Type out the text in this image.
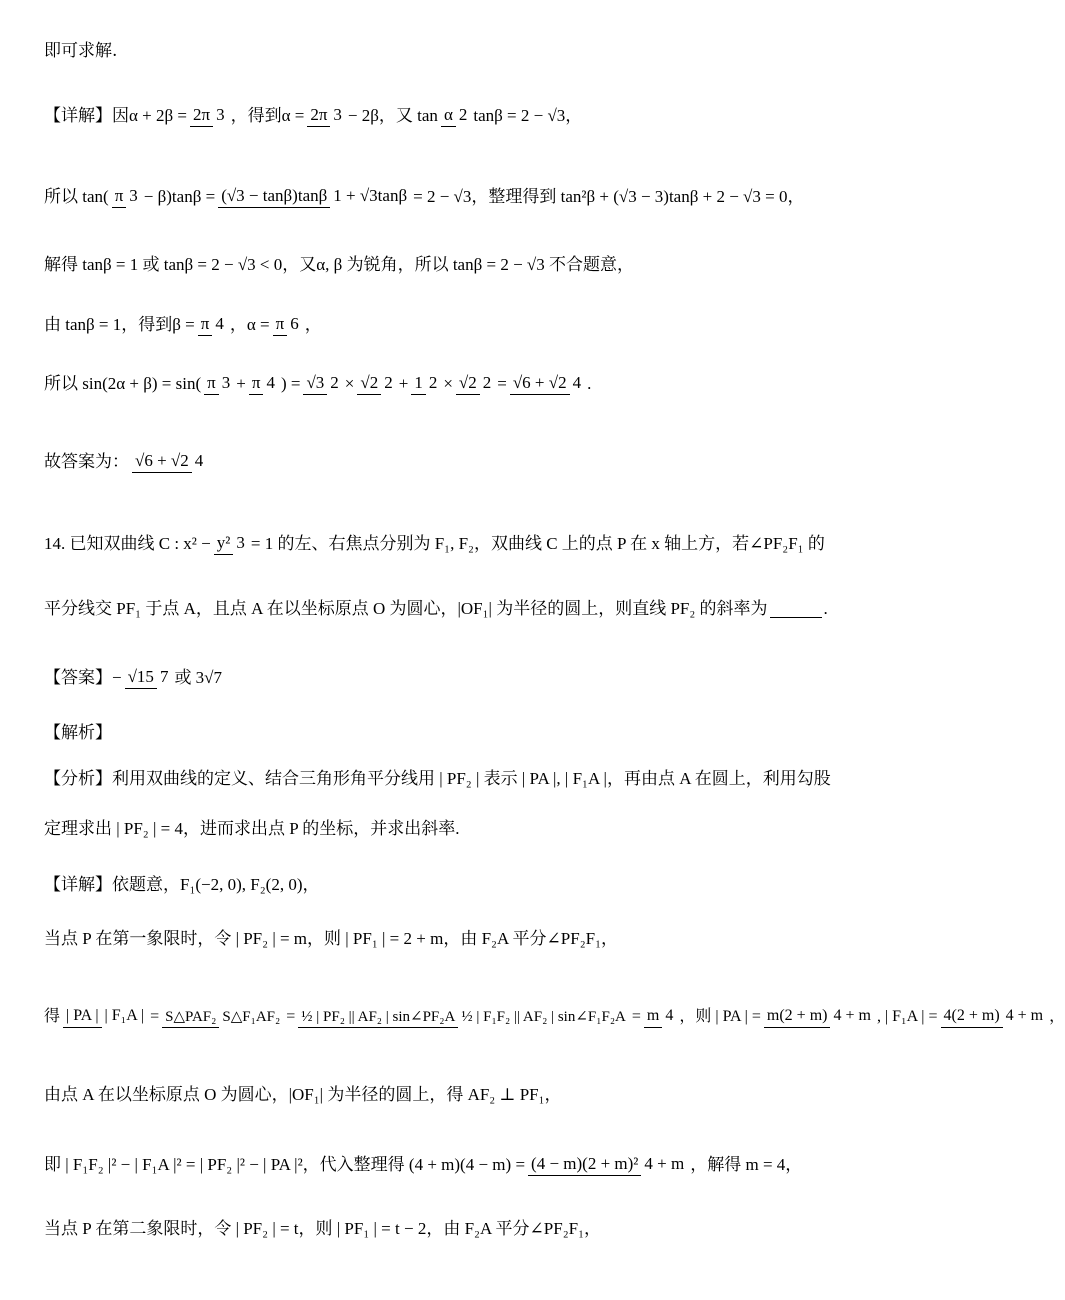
即可求解.
【详解】 因α + 2β = 2π 3 ，得到α = 2π 3 − 2β，又 tan α 2 tanβ = 2 − √3，
所以 tan( π 3 − β)tanβ = (√3 − tanβ)tanβ 1 + √3tanβ = 2 − √3，整理得到 tan²β + (√3 − 3)tanβ + 2 − √3 = 0，
解得 tanβ = 1 或 tanβ = 2 − √3 < 0，又α, β 为锐角，所以 tanβ = 2 − √3 不合题意，
由 tanβ = 1，得到β = π 4 ，α = π 6 ，
所以 sin(2α + β) = sin( π 3 + π 4 ) = √3 2 × √2 2 + 1 2 × √2 2 = √6 + √2 4 .
故答案为： √6 + √2 4
14. 已知双曲线 C : x² − y² 3 = 1 的左、右焦点分别为 F₁, F₂，双曲线 C 上的点 P 在 x 轴上方，若∠PF₂F₁ 的
平分线交 PF₁ 于点 A，且点 A 在以坐标原点 O 为圆心，|OF₁| 为半径的圆上，则直线 PF₂ 的斜率为	.
【答案】 − √15 7 或 3√7
【解析】
【分析】 利用双曲线的定义、结合三角形角平分线用 | PF₂ | 表示 | PA |, | F₁A |，再由点 A 在圆上，利用勾股
定理求出 | PF₂ | = 4，进而求出点 P 的坐标，并求出斜率.
【详解】 依题意，F₁(−2, 0), F₂(2, 0)，
当点 P 在第一象限时，令 | PF₂ | = m，则 | PF₁ | = 2 + m，由 F₂A 平分∠PF₂F₁，
得 | PA | | F₁A | = S△PAF₂ S△F₁AF₂ = ½ | PF₂ || AF₂ | sin∠PF₂A ½ | F₁F₂ || AF₂ | sin∠F₁F₂A = m 4 ，则 | PA | = m(2 + m) 4 + m , | F₁A | = 4(2 + m) 4 + m ，
由点 A 在以坐标原点 O 为圆心，|OF₁| 为半径的圆上，得 AF₂ ⊥ PF₁，
即 | F₁F₂ |² − | F₁A |² = | PF₂ |² − | PA |²，代入整理得 (4 + m)(4 − m) = (4 − m)(2 + m)² 4 + m ，解得 m = 4，
当点 P 在第二象限时，令 | PF₂ | = t，则 | PF₁ | = t − 2，由 F₂A 平分∠PF₂F₁，
